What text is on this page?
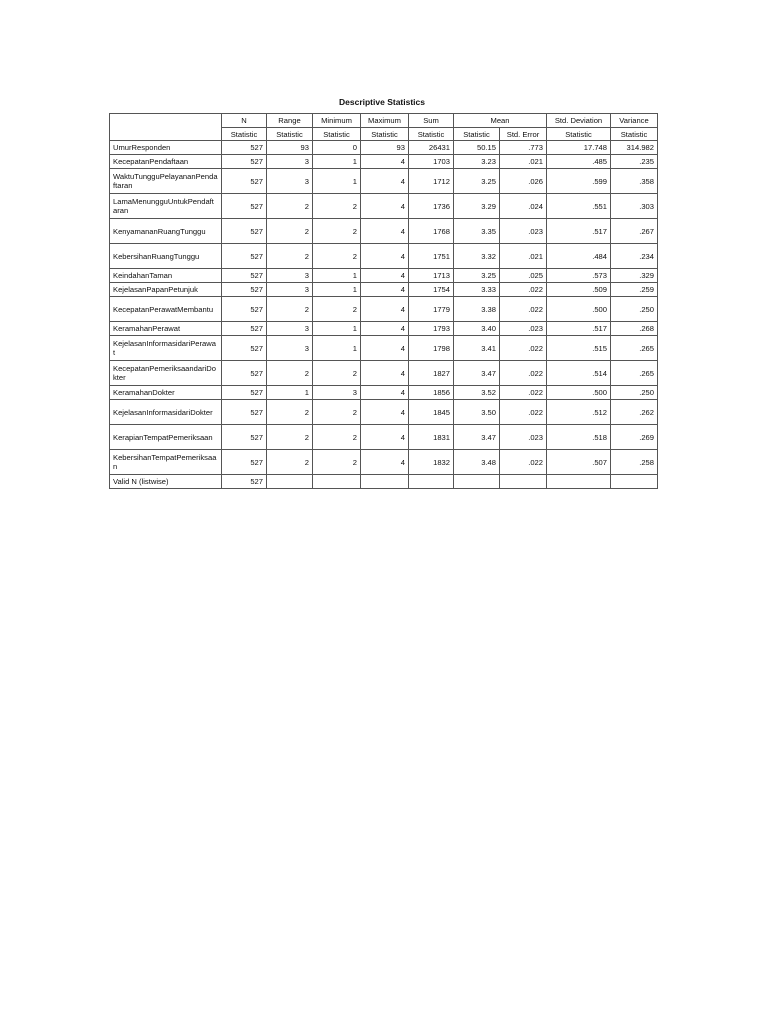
Descriptive Statistics
	N	Range	Minimum	Maximum	Sum	Mean		Std. Deviation	Variance
	Statistic	Statistic	Statistic	Statistic	Statistic	Statistic	Std. Error	Statistic	Statistic
UmurResponden	527	93	0	93	26431	50.15	.773	17.748	314.982
KecepatanPendaftaan	527	3	1	4	1703	3.23	.021	.485	.235
WaktuTungguPelayananPendaftaran	527	3	1	4	1712	3.25	.026	.599	.358
LamaMenungguUntukPendaftaran	527	2	2	4	1736	3.29	.024	.551	.303
KenyamananRuangTunggu	527	2	2	4	1768	3.35	.023	.517	.267
KebersihanRuangTunggu	527	2	2	4	1751	3.32	.021	.484	.234
KeindahanTaman	527	3	1	4	1713	3.25	.025	.573	.329
KejelasanPapanPetunjuk	527	3	1	4	1754	3.33	.022	.509	.259
KecepatanPerawatMembantu	527	2	2	4	1779	3.38	.022	.500	.250
KeramahanPerawat	527	3	1	4	1793	3.40	.023	.517	.268
KejelasanInformasidariPerawat	527	3	1	4	1798	3.41	.022	.515	.265
KecepatanPemeriksaandariDokter	527	2	2	4	1827	3.47	.022	.514	.265
KeramahanDokter	527	1	3	4	1856	3.52	.022	.500	.250
KejelasanInformasidariDokter	527	2	2	4	1845	3.50	.022	.512	.262
KerapianTempatPemeriksaan	527	2	2	4	1831	3.47	.023	.518	.269
KebersihanTempatPemeriksaan	527	2	2	4	1832	3.48	.022	.507	.258
Valid N (listwise)	527								
